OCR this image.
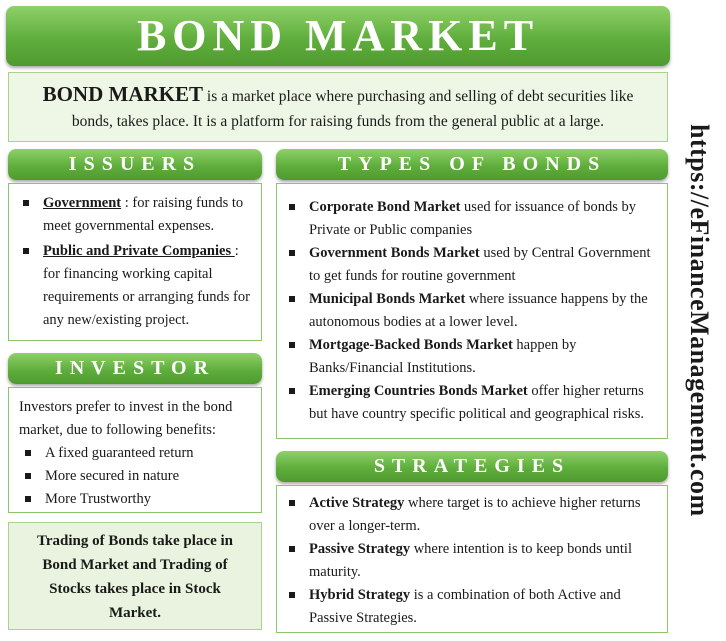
BOND MARKET
BOND MARKET is a market place where purchasing and selling of debt securities like bonds, takes place. It is a platform for raising funds from the general public at a large.
ISSUERS
Government : for raising funds to meet governmental expenses.
Public and Private Companies : for financing working capital requirements or arranging funds for any new/existing project.
INVESTOR
Investors prefer to invest in the bond market, due to following benefits:
A fixed guaranteed return
More secured in nature
More Trustworthy
Trading of Bonds take place in Bond Market and Trading of Stocks takes place in Stock Market.
TYPES OF BONDS
Corporate Bond Market used for issuance of bonds by Private or Public companies
Government Bonds Market used by Central Government to get funds for routine government
Municipal Bonds Market where issuance happens by the autonomous bodies at a lower level.
Mortgage-Backed Bonds Market happen by Banks/Financial Institutions.
Emerging Countries Bonds Market offer higher returns but have country specific political and geographical risks.
STRATEGIES
Active Strategy where target is to achieve higher returns over a longer-term.
Passive Strategy where intention is to keep bonds until maturity.
Hybrid Strategy is a combination of both Active and Passive Strategies.
https://eFinanceManagement.com
